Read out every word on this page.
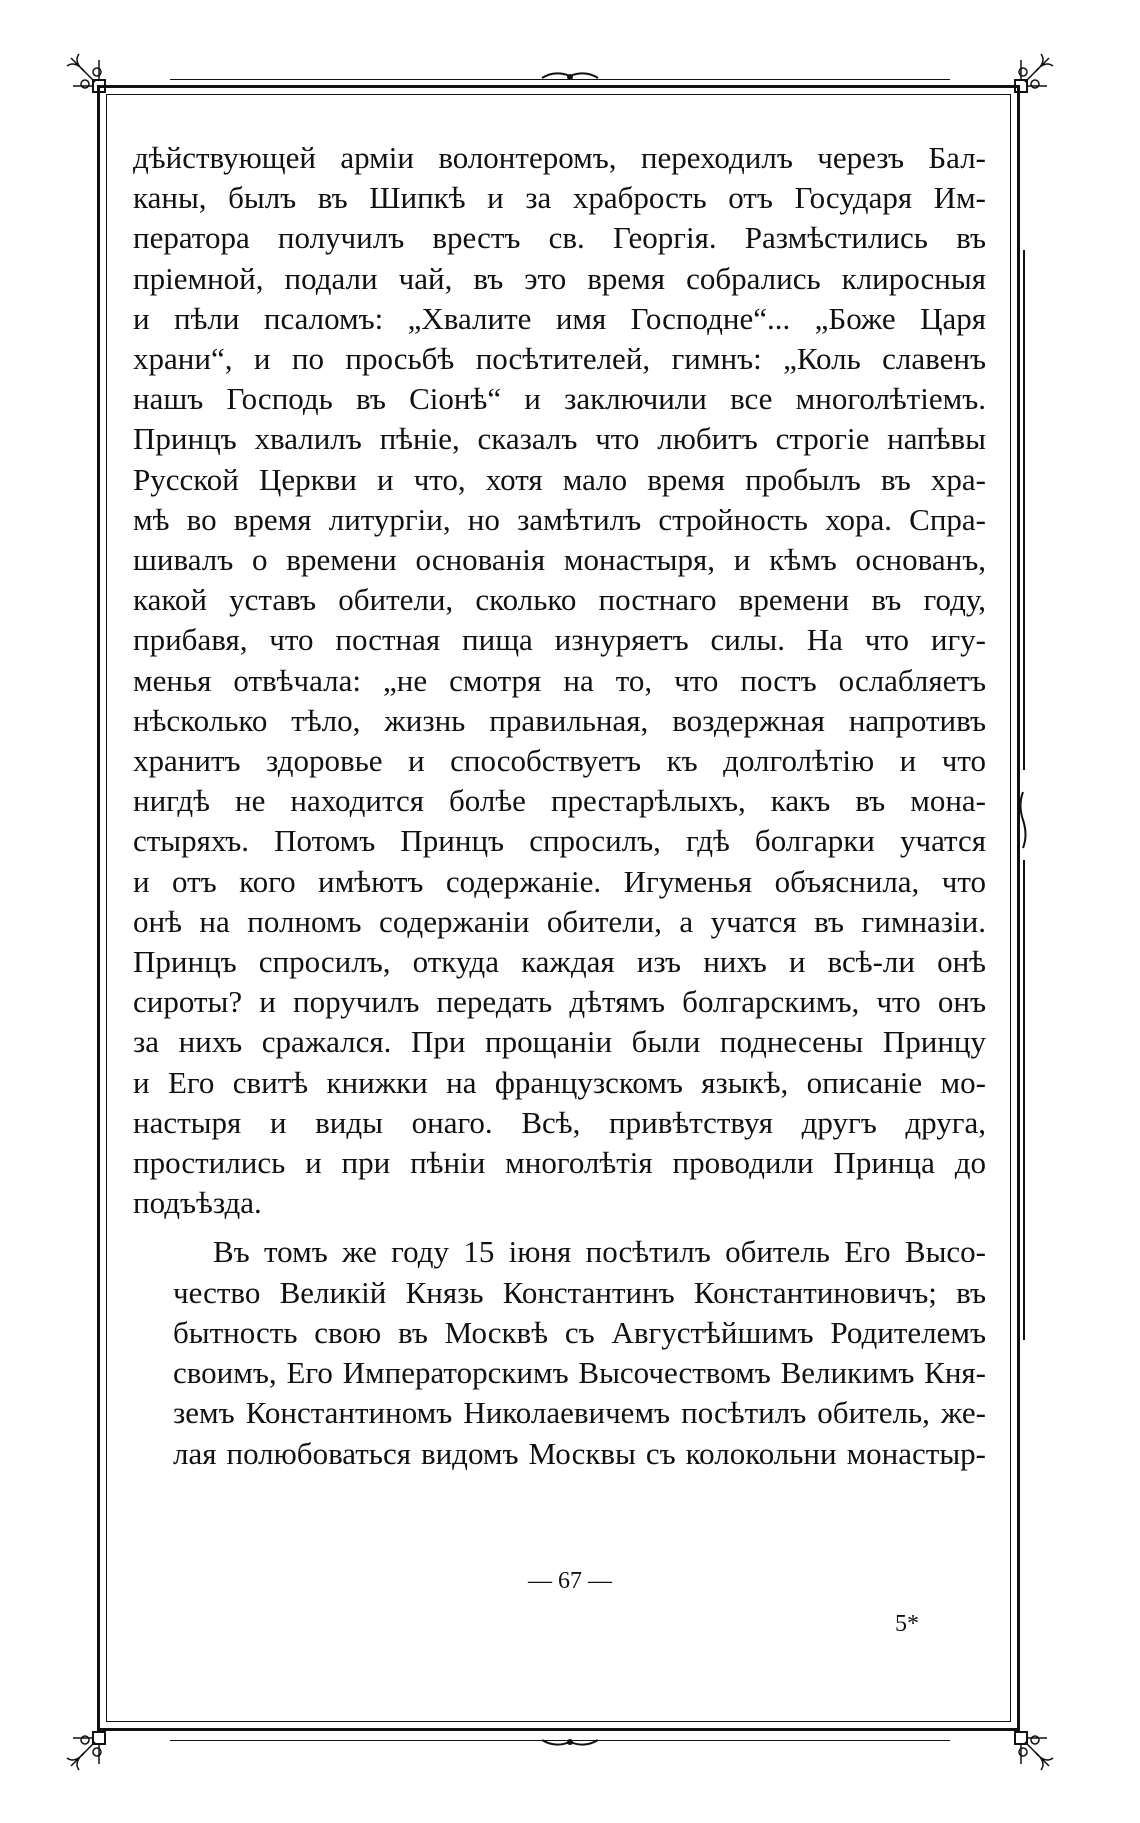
дѣйствующей арміи волонтеромъ, переходилъ черезъ Бал-
каны, былъ въ Шипкѣ и за храбрость отъ Государя Им-
ператора получилъ врестъ св. Георгія. Размѣстились въ
пріемной, подали чай, въ это время собрались клиросныя
и пѣли псаломъ: „Хвалите имя Господне“... „Боже Царя
храни“, и по просьбѣ посѣтителей, гимнъ: „Коль славенъ
нашъ Господь въ Сіонѣ“ и заключили все многолѣтіемъ.
Принцъ хвалилъ пѣніе, сказалъ что любитъ строгіе напѣвы
Русской Церкви и что, хотя мало время пробылъ въ хра-
мѣ во время литургіи, но замѣтилъ стройность хора. Спра-
шивалъ о времени основанія монастыря, и кѣмъ основанъ,
какой уставъ обители, сколько постнаго времени въ году,
прибавя, что постная пища изнуряетъ силы. На что игу-
менья отвѣчала: „не смотря на то, что постъ ослабляетъ
нѣсколько тѣло, жизнь правильная, воздержная напротивъ
хранитъ здоровье и способствуетъ къ долголѣтію и что
нигдѣ не находится болѣе престарѣлыхъ, какъ въ мона-
стыряхъ. Потомъ Принцъ спросилъ, гдѣ болгарки учатся
и отъ кого имѣютъ содержаніе. Игуменья объяснила, что
онѣ на полномъ содержаніи обители, а учатся въ гимназіи.
Принцъ спросилъ, откуда каждая изъ нихъ и всѣ-ли онѣ
сироты? и поручилъ передать дѣтямъ болгарскимъ, что онъ
за нихъ сражался. При прощаніи были поднесены Принцу
и Его свитѣ книжки на французскомъ языкѣ, описаніе мо-
настыря и виды онаго. Всѣ, привѣтствуя другъ друга,
простились и при пѣніи многолѣтія проводили Принца до
подъѣзда.
Въ томъ же году 15 іюня посѣтилъ обитель Его Высо-
чество Великій Князь Константинъ Константиновичъ; въ
бытность свою въ Москвѣ съ Августѣйшимъ Родителемъ
своимъ, Его Императорскимъ Высочествомъ Великимъ Кня-
земъ Константиномъ Николаевичемъ посѣтилъ обитель, же-
лая полюбоваться видомъ Москвы съ колокольни монастыр-
— 67 —
5*
